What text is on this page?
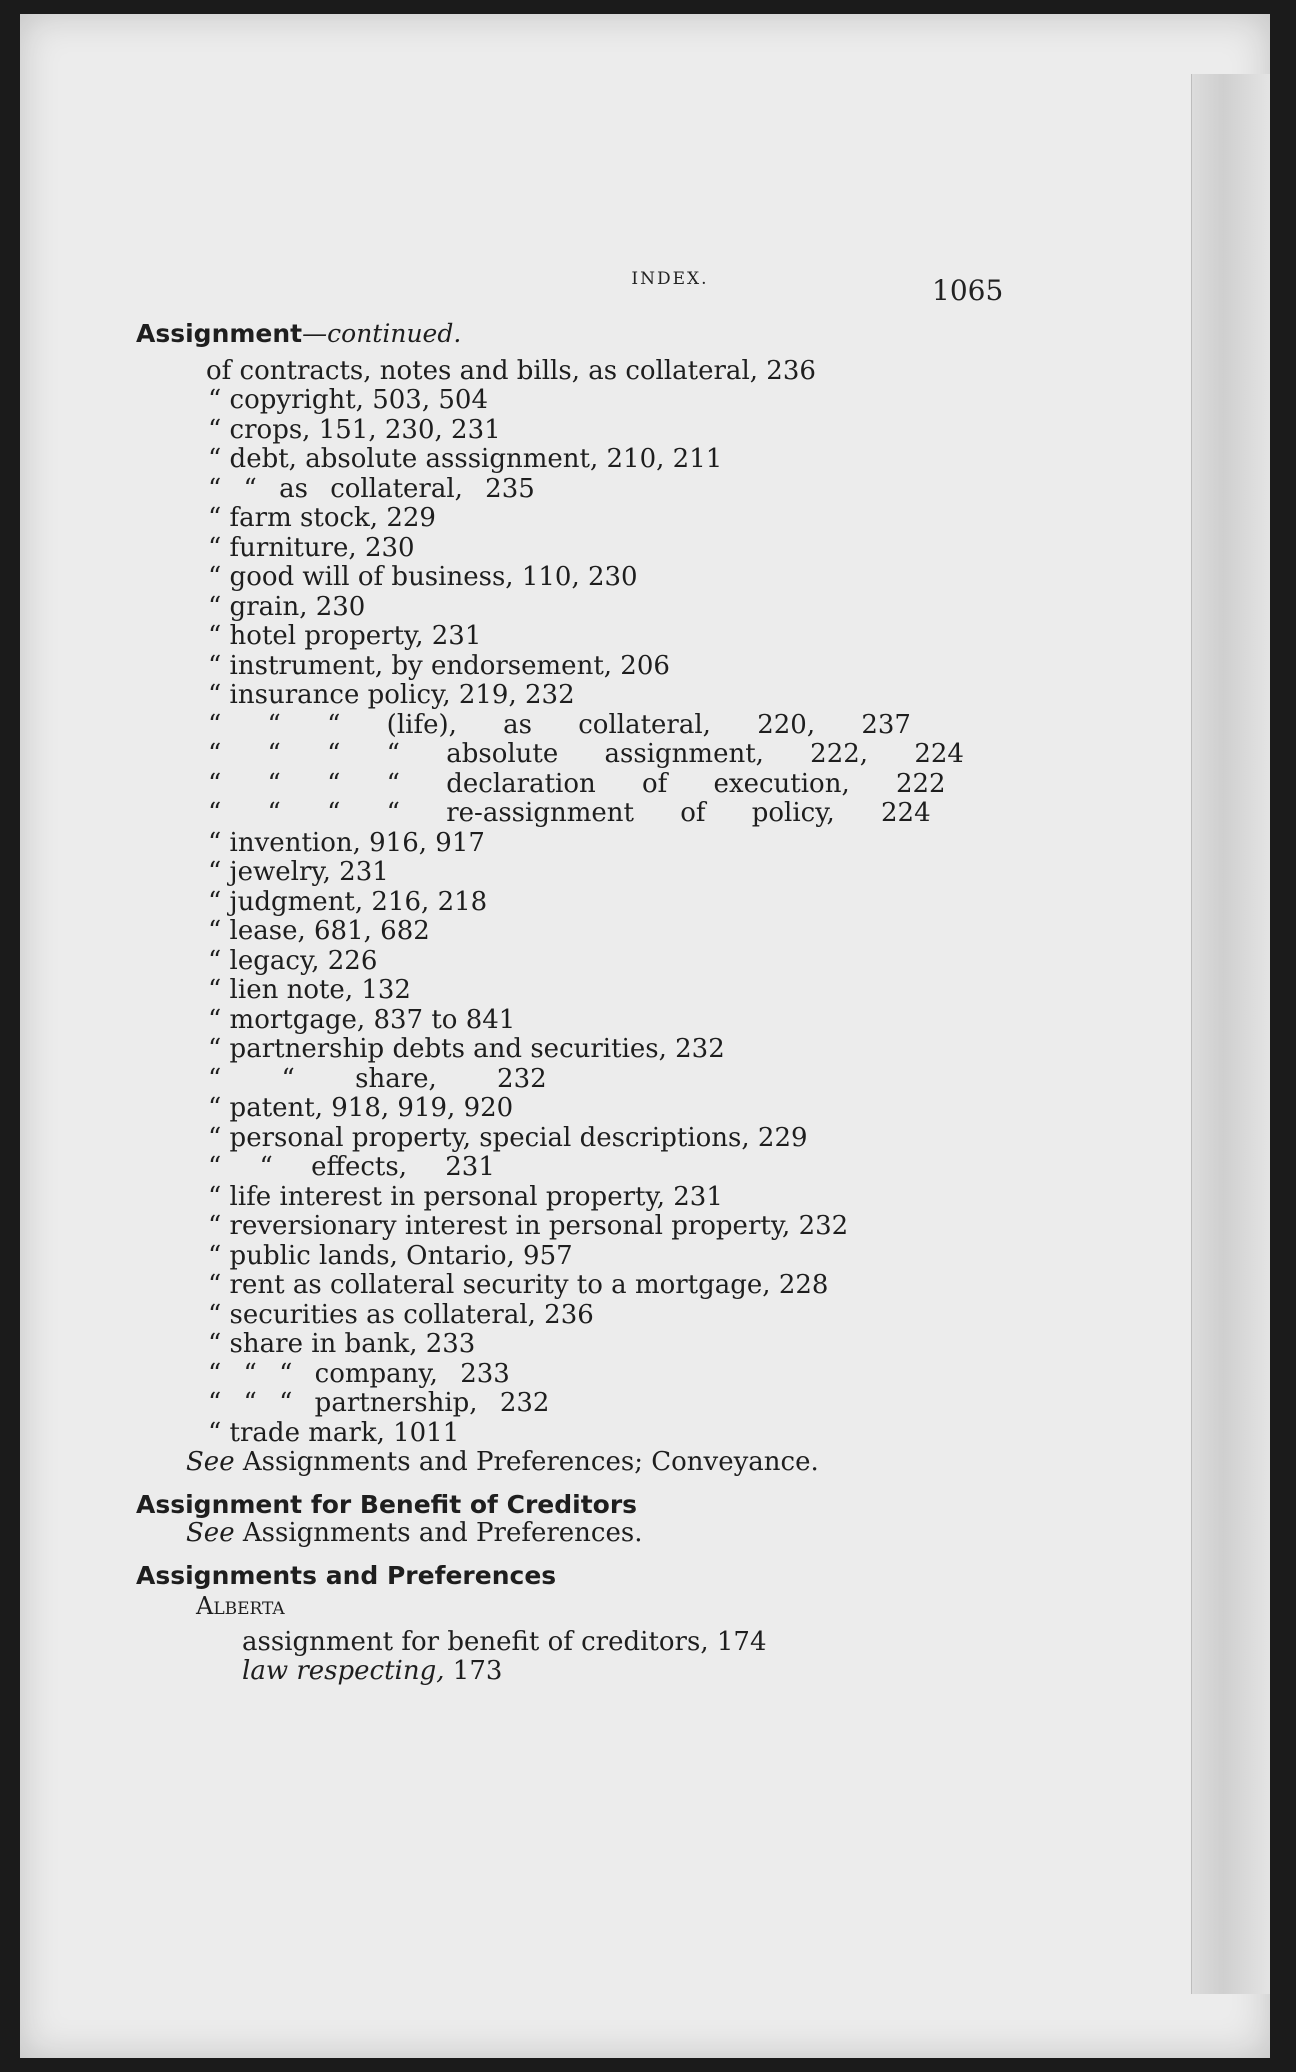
INDEX.	1065
Assignment—continued.
of contracts, notes and bills, as collateral, 236
“ copyright, 503, 504
“ crops, 151, 230, 231
“ debt, absolute asssignment, 210, 211
“ “ as collateral, 235
“ farm stock, 229
“ furniture, 230
“ good will of business, 110, 230
“ grain, 230
“ hotel property, 231
“ instrument, by endorsement, 206
“ insurance policy, 219, 232
“ “ “ (life), as collateral, 220, 237
“ “ “ “ absolute assignment, 222, 224
“ “ “ “ declaration of execution, 222
“ “ “ “ re-assignment of policy, 224
“ invention, 916, 917
“ jewelry, 231
“ judgment, 216, 218
“ lease, 681, 682
“ legacy, 226
“ lien note, 132
“ mortgage, 837 to 841
“ partnership debts and securities, 232
“ “ share, 232
“ patent, 918, 919, 920
“ personal property, special descriptions, 229
“ “ effects, 231
“ life interest in personal property, 231
“ reversionary interest in personal property, 232
“ public lands, Ontario, 957
“ rent as collateral security to a mortgage, 228
“ securities as collateral, 236
“ share in bank, 233
“ “ “ company, 233
“ “ “ partnership, 232
“ trade mark, 1011
See Assignments and Preferences; Conveyance.
Assignment for Benefit of Creditors
See Assignments and Preferences.
Assignments and Preferences
Alberta
assignment for benefit of creditors, 174
law respecting, 173
